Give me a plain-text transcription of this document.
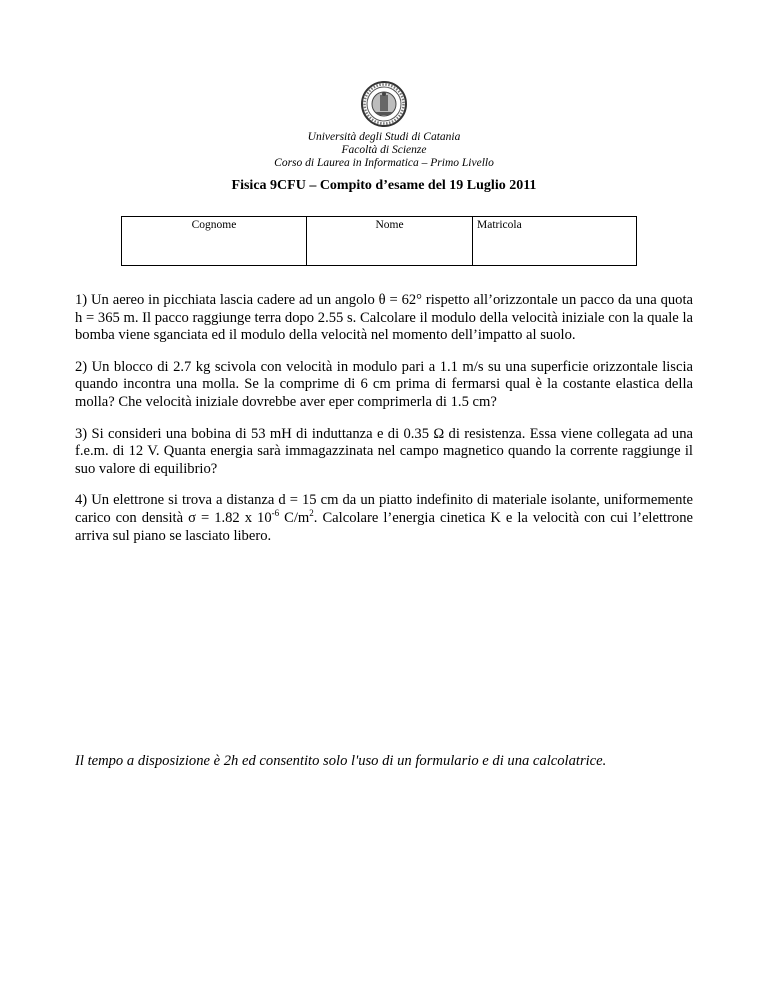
Università degli Studi di Catania
Facoltà di Scienze
Corso di Laurea in Informatica – Primo Livello
Fisica 9CFU – Compito d’esame del 19 Luglio 2011
Cognome	Nome	Matricola

1) Un aereo in picchiata lascia cadere ad un angolo θ = 62° rispetto all’orizzontale un pacco da una quota h = 365 m. Il pacco raggiunge terra dopo 2.55 s. Calcolare il modulo della velocità iniziale con la quale la bomba viene sganciata ed il modulo della velocità nel momento dell’impatto al suolo.

2) Un blocco di 2.7 kg scivola con velocità in modulo pari a 1.1 m/s su una superficie orizzontale liscia quando incontra una molla. Se la comprime di 6 cm prima di fermarsi qual è la costante elastica della molla? Che velocità iniziale dovrebbe aver eper comprimerla di 1.5 cm?

3) Si consideri una bobina di 53 mH di induttanza e di 0.35 Ω di resistenza. Essa viene collegata ad una f.e.m. di 12 V. Quanta energia sarà immagazzinata nel campo magnetico quando la corrente raggiunge il suo valore di equilibrio?

4) Un elettrone si trova a distanza d = 15 cm da un piatto indefinito di materiale isolante, uniformemente carico con densità σ = 1.82 x $10^{-6}$ $C/m^2$. Calcolare l’energia cinetica K e la velocità con cui l’elettrone arriva sul piano se lasciato libero.

Il tempo a disposizione è 2h ed consentito solo l'uso di un formulario e di una calcolatrice.
